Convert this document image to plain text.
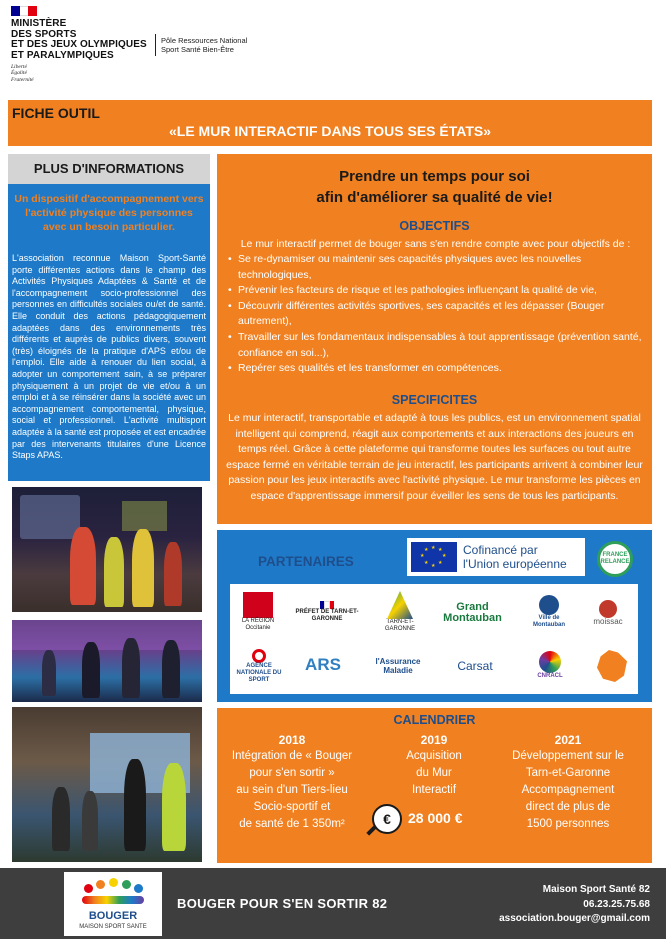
MINISTÈRE
DES SPORTS
ET DES JEUX OLYMPIQUES
ET PARALYMPIQUES
Liberté
Égalité
Fraternité
Pôle Ressources National
Sport Santé Bien-Être
FICHE OUTIL
«LE MUR INTERACTIF DANS TOUS SES ÉTATS»
PLUS D'INFORMATIONS
Un dispositif d'accompagnement vers l'activité physique des personnes avec un besoin particulier.
L'association reconnue Maison Sport-Santé porte différentes actions dans le champ des Activités Physiques Adaptées & Santé et de l'accompagnement socio-professionnel des personnes en difficultés sociales ou/et de santé. Elle conduit des actions pédagogiquement adaptées dans des environnements très différents et auprès de publics divers, souvent (très) éloignés de la pratique d'APS et/ou de l'emploi. Elle aide à renouer du lien social, à adopter un comportement sain, à se préparer physiquement à un projet de vie et/ou à un emploi et à se réinsérer dans la société avec un accompagnement comportemental, physique, social et professionnel. L'activité multisport adaptée à la santé est proposée et est encadrée par des intervenants titulaires d'une Licence Staps APAS.
Prendre un temps pour soi
afin d'améliorer sa qualité de vie!
OBJECTIFS
Le mur interactif permet de bouger sans s'en rendre compte avec pour objectifs de :
• Se re-dynamiser ou maintenir ses capacités physiques avec les nouvelles technologiques,
• Prévenir les facteurs de risque et les pathologies influençant la qualité de vie,
• Découvrir différentes activités sportives, ses capacités et les dépasser (Bouger autrement),
• Travailler sur les fondamentaux indispensables à tout apprentissage (prévention santé, confiance en soi...),
• Repérer ses qualités et les transformer en compétences.
SPECIFICITES
Le mur interactif, transportable et adapté à tous les publics, est un environnement spatial intelligent qui comprend, réagit aux comportements et aux interactions des joueurs en temps réel. Grâce à cette plateforme qui transforme toutes les surfaces ou tout autre espace fermé en véritable terrain de jeu interactif, les participants arrivent à combiner leur passion pour les jeux interactifs avec l'activité physique. Le mur transforme les pièces en espace d'apprentissage immersif pour éveiller les sens de tous les participants.
PARTENAIRES
★ ★
★
★
★
★
★
★	Cofinancé par
l'Union européenne
FRANCE
RELANCE
LA RÉGION Occitanie
PRÉFET DE TARN-ET-GARONNE	TARN-ET-GARONNE
Grand Montauban	Ville de Montauban	moissac
AGENCE NATIONALE DU SPORT
ARS	l'Assurance Maladie	Carsat
CNRACL
CALENDRIER
2018
Intégration de « Bouger
pour s'en sortir »
au sein d'un Tiers-lieu
Socio-sportif et
de santé de 1 350m²
2019
Acquisition
du Mur
Interactif
€	28 000 €
2021
Développement sur le
Tarn-et-Garonne
Accompagnement
direct de plus de
1500 personnes
BOUGER
MAISON SPORT SANTE
BOUGER POUR S'EN SORTIR 82
Maison Sport Santé 82
06.23.25.75.68
association.bouger@gmail.com
